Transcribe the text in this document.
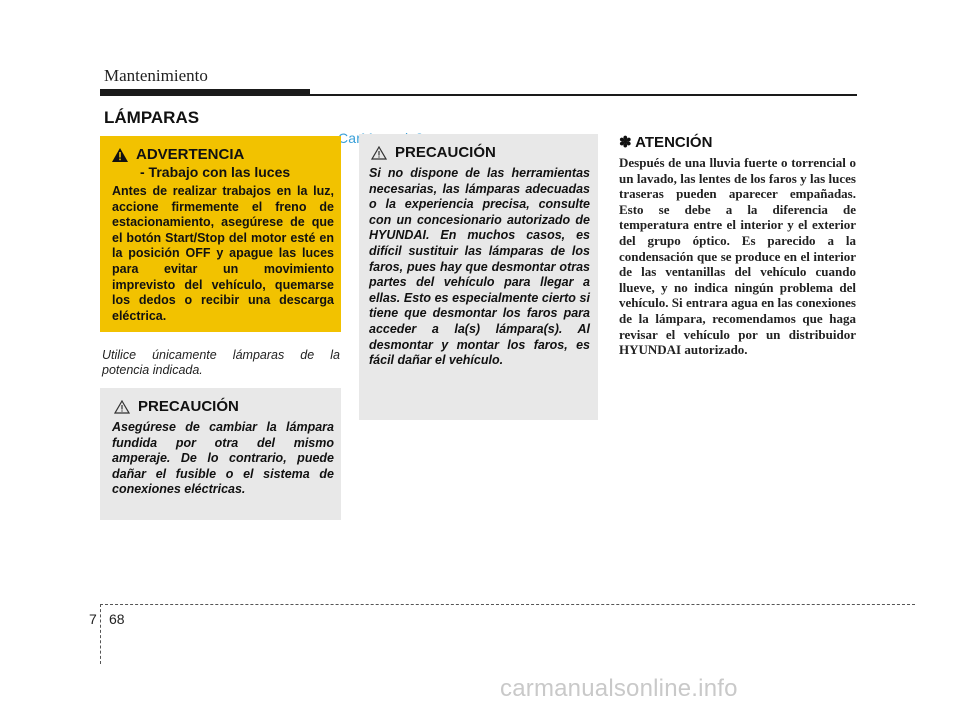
Mantenimiento
LÁMPARAS
ADVERTENCIA
- Trabajo con las luces
Antes de realizar trabajos en la luz, accione firmemente el freno de estacionamiento, asegúrese de que el botón Start/Stop del motor esté en la posición OFF y apague las luces para evitar un movimiento imprevisto del vehículo, quemarse los dedos o recibir una descarga eléctrica.
Utilice únicamente lámparas de la potencia indicada.
PRECAUCIÓN
Asegúrese de cambiar la lámpara fundida por otra del mismo amperaje. De lo contrario, puede dañar el fusible o el sistema de conexiones eléctricas.
PRECAUCIÓN
Si no dispone de las herramientas necesarias, las lámparas adecuadas o la experiencia precisa, consulte con un concesionario autorizado de HYUNDAI. En muchos casos, es difícil sustituir las lámparas de los faros, pues hay que desmontar otras partes del vehículo para llegar a ellas. Esto es especialmente cierto si tiene que desmontar los faros para acceder a la(s) lámpara(s). Al desmontar y montar los faros, es fácil dañar el vehículo.
✽ ATENCIÓN
Después de una lluvia fuerte o torrencial o un lavado, las lentes de los faros y las luces traseras pueden aparecer empañadas. Esto se debe a la diferencia de temperatura entre el interior y el exterior del grupo óptico. Es parecido a la condensación que se produce en el interior de las ventanillas del vehículo cuando llueve, y no indica ningún problema del vehículo. Si entrara agua en las conexiones de la lámpara, recomendamos que haga revisar el vehículo por un distribuidor HYUNDAI autorizado.
7 68
carmanualsonline.info
